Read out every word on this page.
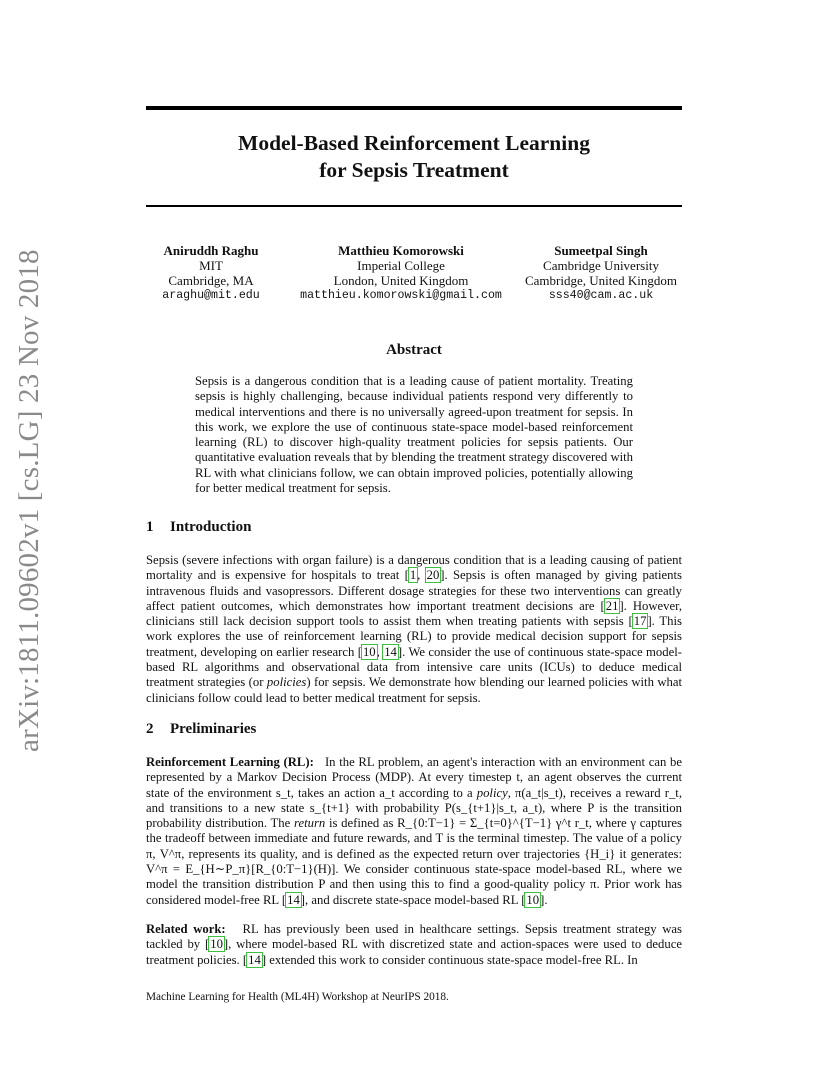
arXiv:1811.09602v1 [cs.LG] 23 Nov 2018
Model-Based Reinforcement Learning
for Sepsis Treatment
Aniruddh Raghu
MIT
Cambridge, MA
araghu@mit.edu
Matthieu Komorowski
Imperial College
London, United Kingdom
matthieu.komorowski@gmail.com
Sumeetpal Singh
Cambridge University
Cambridge, United Kingdom
sss40@cam.ac.uk
Abstract
Sepsis is a dangerous condition that is a leading cause of patient mortality. Treating sepsis is highly challenging, because individual patients respond very differently to medical interventions and there is no universally agreed-upon treatment for sepsis. In this work, we explore the use of continuous state-space model-based reinforcement learning (RL) to discover high-quality treatment policies for sepsis patients. Our quantitative evaluation reveals that by blending the treatment strategy discovered with RL with what clinicians follow, we can obtain improved policies, potentially allowing for better medical treatment for sepsis.
1 Introduction
Sepsis (severe infections with organ failure) is a dangerous condition that is a leading causing of patient mortality and is expensive for hospitals to treat [1, 20]. Sepsis is often managed by giving patients intravenous fluids and vasopressors. Different dosage strategies for these two interventions can greatly affect patient outcomes, which demonstrates how important treatment decisions are [21]. However, clinicians still lack decision support tools to assist them when treating patients with sepsis [17]. This work explores the use of reinforcement learning (RL) to provide medical decision support for sepsis treatment, developing on earlier research [10, 14]. We consider the use of continuous state-space model-based RL algorithms and observational data from intensive care units (ICUs) to deduce medical treatment strategies (or policies) for sepsis. We demonstrate how blending our learned policies with what clinicians follow could lead to better medical treatment for sepsis.
2 Preliminaries
Reinforcement Learning (RL): In the RL problem, an agent's interaction with an environment can be represented by a Markov Decision Process (MDP). At every timestep t, an agent observes the current state of the environment s_t, takes an action a_t according to a policy, π(a_t|s_t), receives a reward r_t, and transitions to a new state s_{t+1} with probability P(s_{t+1}|s_t, a_t), where P is the transition probability distribution. The return is defined as R_{0:T−1} = Σ_{t=0}^{T−1} γ^t r_t, where γ captures the tradeoff between immediate and future rewards, and T is the terminal timestep. The value of a policy π, V^π, represents its quality, and is defined as the expected return over trajectories {H_i} it generates: V^π = E_{H∼P_π}[R_{0:T−1}(H)]. We consider continuous state-space model-based RL, where we model the transition distribution P and then using this to find a good-quality policy π. Prior work has considered model-free RL [14], and discrete state-space model-based RL [10].
Related work: RL has previously been used in healthcare settings. Sepsis treatment strategy was tackled by [10], where model-based RL with discretized state and action-spaces were used to deduce treatment policies. [14] extended this work to consider continuous state-space model-free RL. In
Machine Learning for Health (ML4H) Workshop at NeurIPS 2018.
